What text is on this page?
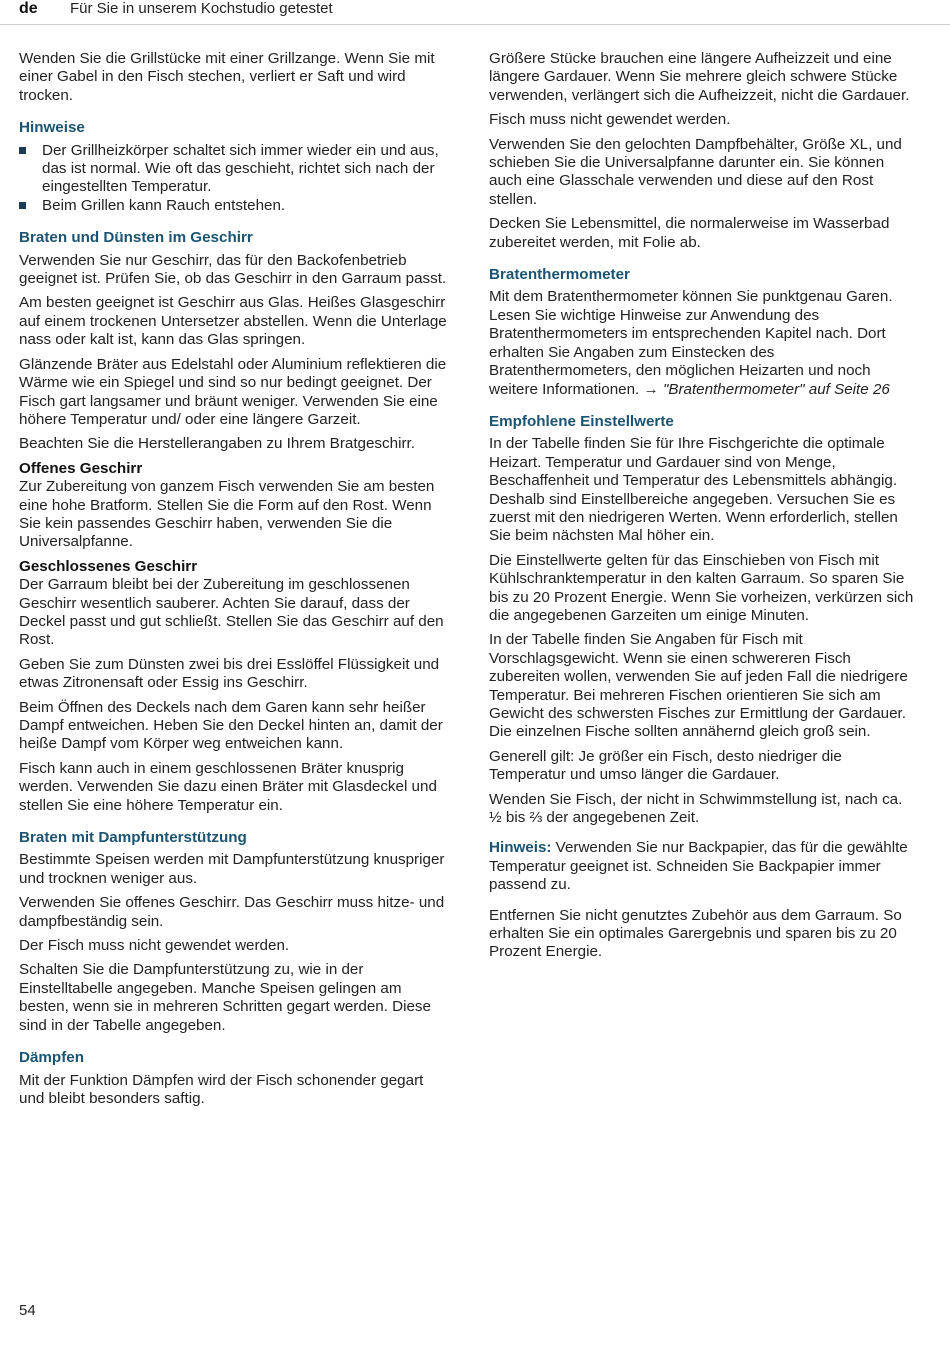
de Für Sie in unserem Kochstudio getestet

Wenden Sie die Grillstücke mit einer Grillzange. Wenn Sie mit einer Gabel in den Fisch stechen, verliert er Saft und wird trocken.

Hinweise
Der Grillheizkörper schaltet sich immer wieder ein und aus, das ist normal. Wie oft das geschieht, richtet sich nach der eingestellten Temperatur.
Beim Grillen kann Rauch entstehen.
Braten und Dünsten im Geschirr

Verwenden Sie nur Geschirr, das für den Backofenbetrieb geeignet ist. Prüfen Sie, ob das Geschirr in den Garraum passt.

Am besten geeignet ist Geschirr aus Glas. Heißes Glasgeschirr auf einem trockenen Untersetzer abstellen. Wenn die Unterlage nass oder kalt ist, kann das Glas springen.

Glänzende Bräter aus Edelstahl oder Aluminium reflektieren die Wärme wie ein Spiegel und sind so nur bedingt geeignet. Der Fisch gart langsamer und bräunt weniger. Verwenden Sie eine höhere Temperatur und/ oder eine längere Garzeit.

Beachten Sie die Herstellerangaben zu Ihrem Bratgeschirr.

Offenes Geschirr

Zur Zubereitung von ganzem Fisch verwenden Sie am besten eine hohe Bratform. Stellen Sie die Form auf den Rost. Wenn Sie kein passendes Geschirr haben, verwenden Sie die Universalpfanne.

Geschlossenes Geschirr

Der Garraum bleibt bei der Zubereitung im geschlossenen Geschirr wesentlich sauberer. Achten Sie darauf, dass der Deckel passt und gut schließt. Stellen Sie das Geschirr auf den Rost.

Geben Sie zum Dünsten zwei bis drei Esslöffel Flüssigkeit und etwas Zitronensaft oder Essig ins Geschirr.

Beim Öffnen des Deckels nach dem Garen kann sehr heißer Dampf entweichen. Heben Sie den Deckel hinten an, damit der heiße Dampf vom Körper weg entweichen kann.

Fisch kann auch in einem geschlossenen Bräter knusprig werden. Verwenden Sie dazu einen Bräter mit Glasdeckel und stellen Sie eine höhere Temperatur ein.

Braten mit Dampfunterstützung

Bestimmte Speisen werden mit Dampfunterstützung knuspriger und trocknen weniger aus.

Verwenden Sie offenes Geschirr. Das Geschirr muss hitze- und dampfbeständig sein.

Der Fisch muss nicht gewendet werden.

Schalten Sie die Dampfunterstützung zu, wie in der Einstelltabelle angegeben. Manche Speisen gelingen am besten, wenn sie in mehreren Schritten gegart werden. Diese sind in der Tabelle angegeben.

Dämpfen

Mit der Funktion Dämpfen wird der Fisch schonender gegart und bleibt besonders saftig.

Größere Stücke brauchen eine längere Aufheizzeit und eine längere Gardauer. Wenn Sie mehrere gleich schwere Stücke verwenden, verlängert sich die Aufheizzeit, nicht die Gardauer.

Fisch muss nicht gewendet werden.

Verwenden Sie den gelochten Dampfbehälter, Größe XL, und schieben Sie die Universalpfanne darunter ein. Sie können auch eine Glasschale verwenden und diese auf den Rost stellen.

Decken Sie Lebensmittel, die normalerweise im Wasserbad zubereitet werden, mit Folie ab.

Bratenthermometer

Mit dem Bratenthermometer können Sie punktgenau Garen. Lesen Sie wichtige Hinweise zur Anwendung des Bratenthermometers im entsprechenden Kapitel nach. Dort erhalten Sie Angaben zum Einstecken des Bratenthermometers, den möglichen Heizarten und noch weitere Informationen. → "Bratenthermometer" auf Seite 26

Empfohlene Einstellwerte

In der Tabelle finden Sie für Ihre Fischgerichte die optimale Heizart. Temperatur und Gardauer sind von Menge, Beschaffenheit und Temperatur des Lebensmittels abhängig. Deshalb sind Einstellbereiche angegeben. Versuchen Sie es zuerst mit den niedrigeren Werten. Wenn erforderlich, stellen Sie beim nächsten Mal höher ein.

Die Einstellwerte gelten für das Einschieben von Fisch mit Kühlschranktemperatur in den kalten Garraum. So sparen Sie bis zu 20 Prozent Energie. Wenn Sie vorheizen, verkürzen sich die angegebenen Garzeiten um einige Minuten.

In der Tabelle finden Sie Angaben für Fisch mit Vorschlagsgewicht. Wenn sie einen schwereren Fisch zubereiten wollen, verwenden Sie auf jeden Fall die niedrigere Temperatur. Bei mehreren Fischen orientieren Sie sich am Gewicht des schwersten Fisches zur Ermittlung der Gardauer. Die einzelnen Fische sollten annähernd gleich groß sein.

Generell gilt: Je größer ein Fisch, desto niedriger die Temperatur und umso länger die Gardauer.

Wenden Sie Fisch, der nicht in Schwimmstellung ist, nach ca. ½ bis ⅔ der angegebenen Zeit.

Hinweis: Verwenden Sie nur Backpapier, das für die gewählte Temperatur geeignet ist. Schneiden Sie Backpapier immer passend zu.

Entfernen Sie nicht genutztes Zubehör aus dem Garraum. So erhalten Sie ein optimales Garergebnis und sparen bis zu 20 Prozent Energie.

54
